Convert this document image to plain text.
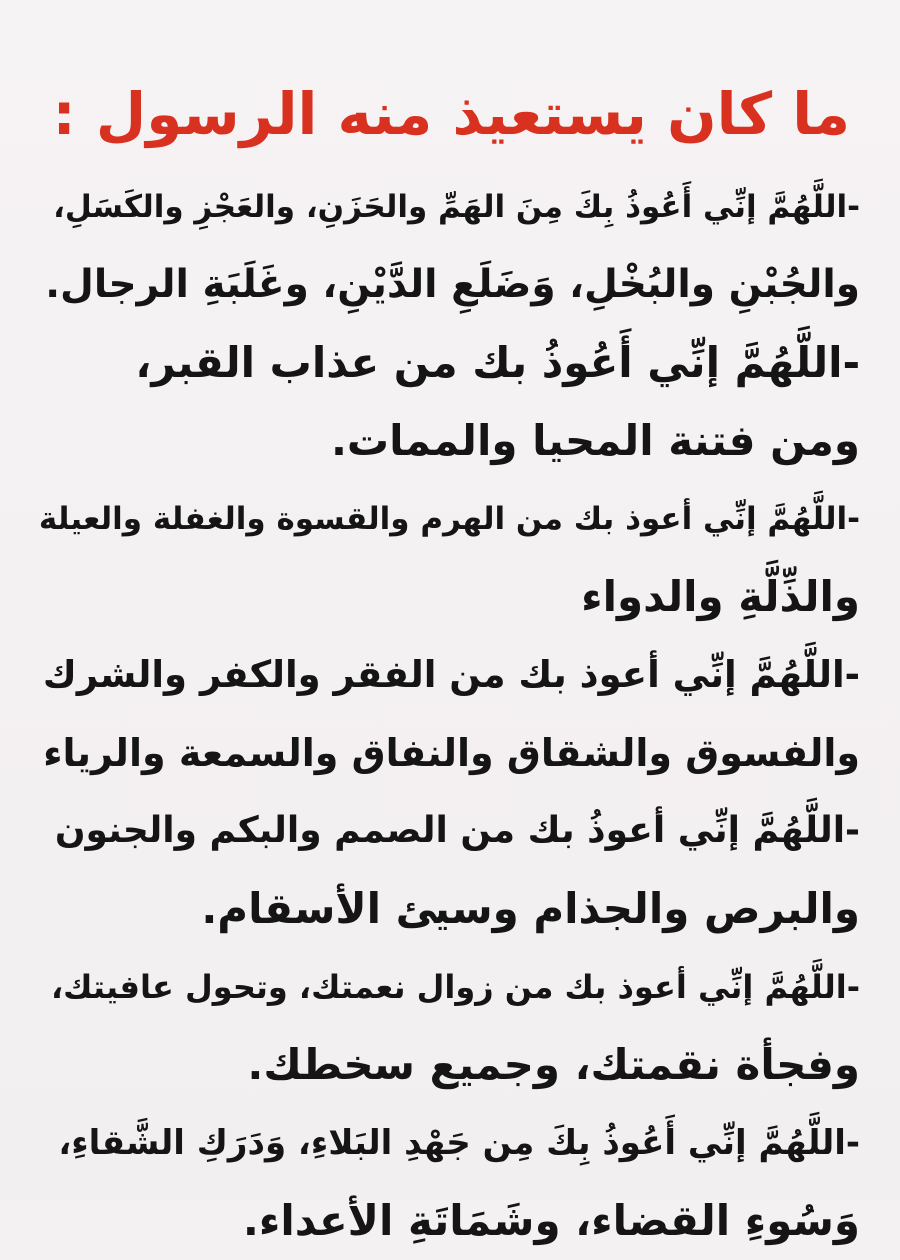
ما كان يستعيذ منه الرسول :

-اللَّهُمَّ إنِّي أَعُوذُ بِكَ مِنَ الهَمِّ والحَزَنِ، والعَجْزِ والكَسَلِ،

والجُبْنِ والبُخْلِ، وَضَلَعِ الدَّيْنِ، وغَلَبَةِ الرجال.

-اللَّهُمَّ إنِّي أَعُوذُ بك من عذاب القبر،

ومن فتنة المحيا والممات.

-اللَّهُمَّ إنِّي أعوذ بك من الهرم والقسوة والغفلة والعيلة

والذِّلَّةِ والدواء

-اللَّهُمَّ إنِّي أعوذ بك من الفقر والكفر والشرك

والفسوق والشقاق والنفاق والسمعة والرياء

-اللَّهُمَّ إنِّي أعوذُ بك من الصمم والبكم والجنون

والبرص والجذام وسيئ الأسقام.

-اللَّهُمَّ إنِّي أعوذ بك من زوال نعمتك، وتحول عافيتك،

وفجأة نقمتك، وجميع سخطك.

-اللَّهُمَّ إنِّي أَعُوذُ بِكَ مِن جَهْدِ البَلاءِ، وَدَرَكِ الشَّقاءِ،

وَسُوءِ القضاء، وشَمَاتَةِ الأعداء.
